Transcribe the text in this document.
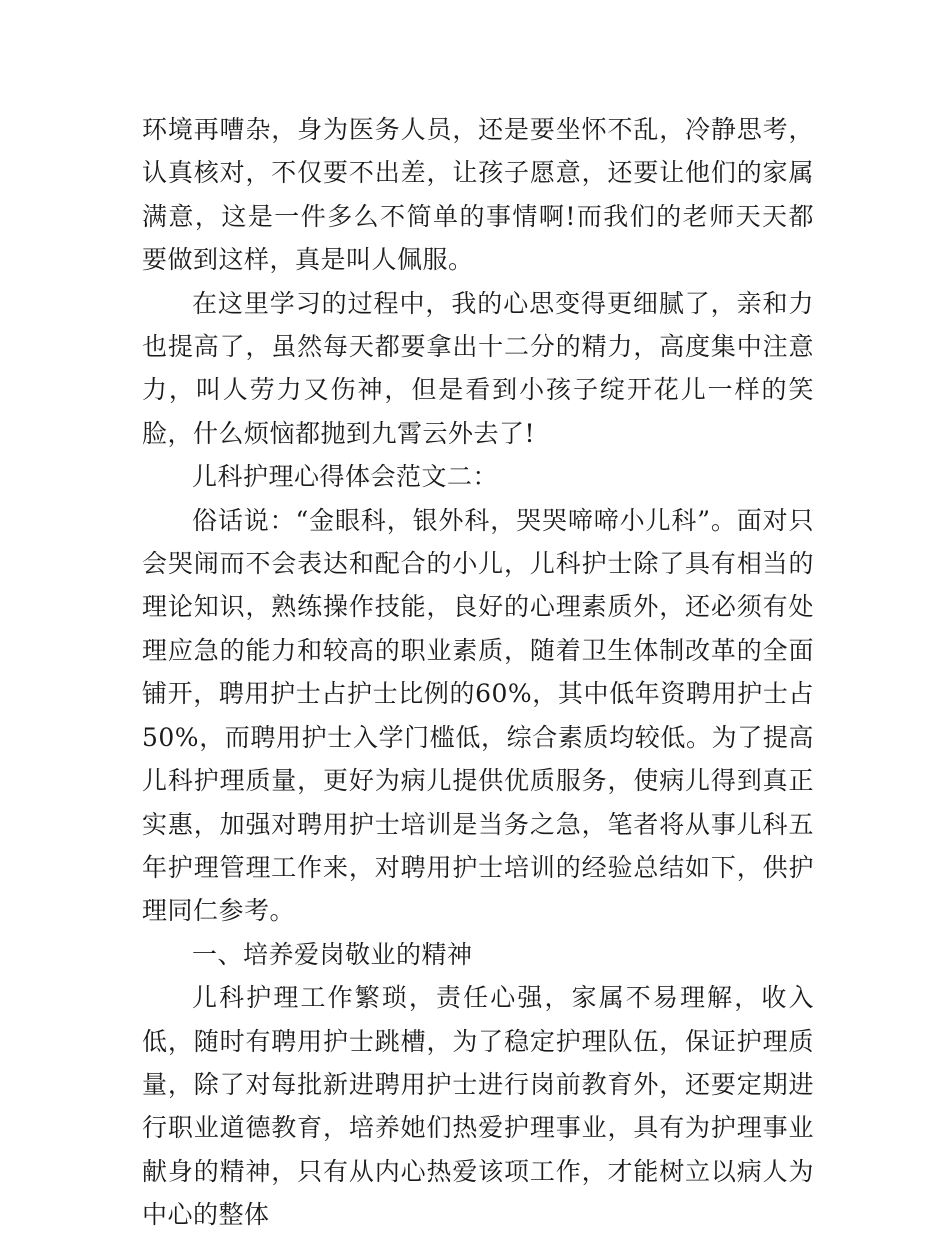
环境再嘈杂，身为医务人员，还是要坐怀不乱，冷静思考，认真核对，不仅要不出差，让孩子愿意，还要让他们的家属满意，这是一件多么不简单的事情啊!而我们的老师天天都要做到这样，真是叫人佩服。

在这里学习的过程中，我的心思变得更细腻了，亲和力也提高了，虽然每天都要拿出十二分的精力，高度集中注意力，叫人劳力又伤神，但是看到小孩子绽开花儿一样的笑脸，什么烦恼都抛到九霄云外去了!

儿科护理心得体会范文二：

俗话说：“金眼科，银外科，哭哭啼啼小儿科”。面对只会哭闹而不会表达和配合的小儿，儿科护士除了具有相当的理论知识，熟练操作技能，良好的心理素质外，还必须有处理应急的能力和较高的职业素质，随着卫生体制改革的全面铺开，聘用护士占护士比例的60%，其中低年资聘用护士占50%，而聘用护士入学门槛低，综合素质均较低。为了提高儿科护理质量，更好为病儿提供优质服务，使病儿得到真正实惠，加强对聘用护士培训是当务之急，笔者将从事儿科五年护理管理工作来，对聘用护士培训的经验总结如下，供护理同仁参考。

一、培养爱岗敬业的精神

儿科护理工作繁琐，责任心强，家属不易理解，收入低，随时有聘用护士跳槽，为了稳定护理队伍，保证护理质量，除了对每批新进聘用护士进行岗前教育外，还要定期进行职业道德教育，培养她们热爱护理事业，具有为护理事业献身的精神，只有从内心热爱该项工作，才能树立以病人为中心的整体
